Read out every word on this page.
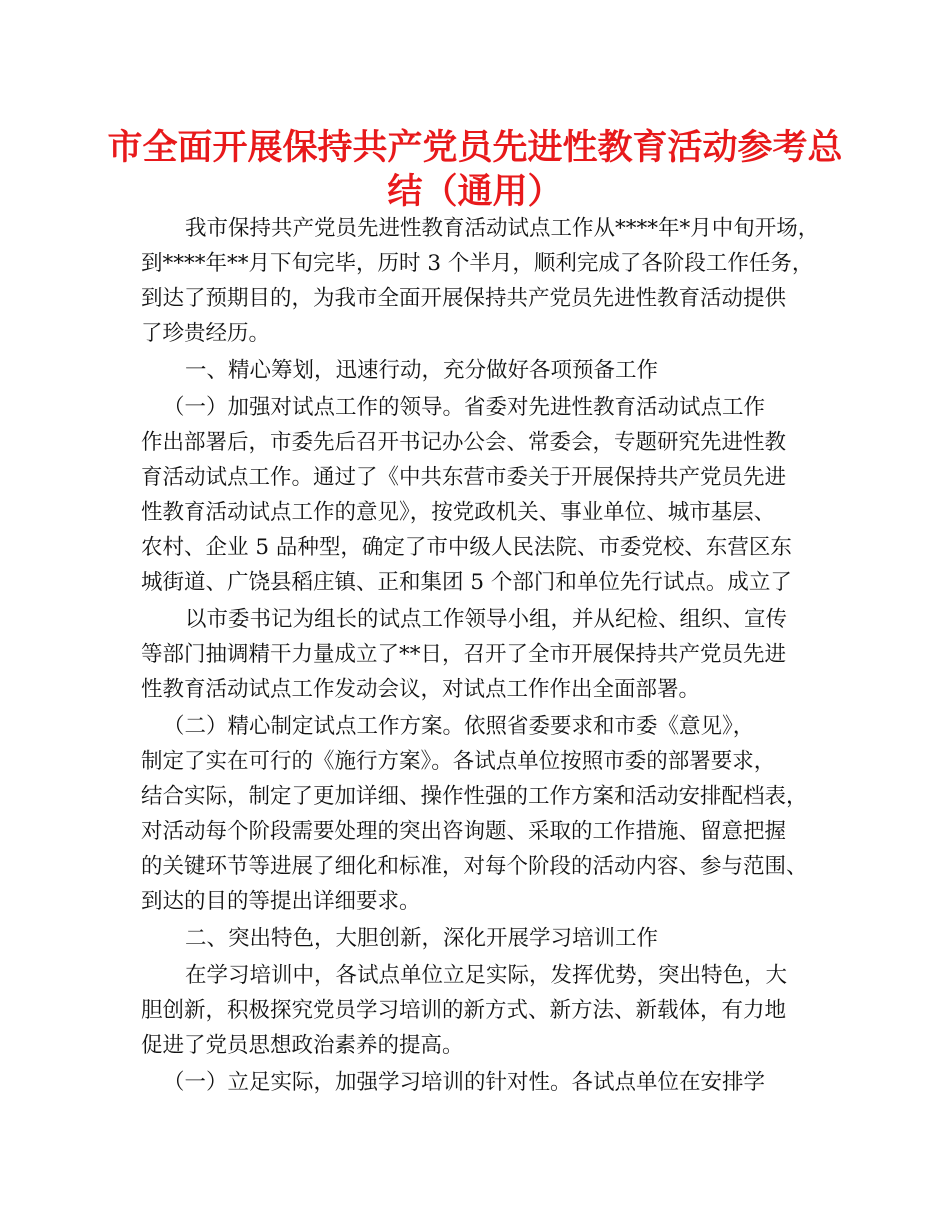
市全面开展保持共产党员先进性教育活动参考总
结（通用）

我市保持共产党员先进性教育活动试点工作从****年*月中旬开场，

到****年**月下旬完毕，历时 3 个半月，顺利完成了各阶段工作任务，

到达了预期目的，为我市全面开展保持共产党员先进性教育活动提供

了珍贵经历。

一、精心筹划，迅速行动，充分做好各项预备工作

（一）加强对试点工作的领导。省委对先进性教育活动试点工作

作出部署后，市委先后召开书记办公会、常委会，专题研究先进性教

育活动试点工作。通过了《中共东营市委关于开展保持共产党员先进

性教育活动试点工作的意见》，按党政机关、事业单位、城市基层、

农村、企业 5 品种型，确定了市中级人民法院、市委党校、东营区东

城街道、广饶县稻庄镇、正和集团 5 个部门和单位先行试点。成立了

以市委书记为组长的试点工作领导小组，并从纪检、组织、宣传

等部门抽调精干力量成立了**日，召开了全市开展保持共产党员先进

性教育活动试点工作发动会议，对试点工作作出全面部署。

（二）精心制定试点工作方案。依照省委要求和市委《意见》，

制定了实在可行的《施行方案》。各试点单位按照市委的部署要求，

结合实际，制定了更加详细、操作性强的工作方案和活动安排配档表，

对活动每个阶段需要处理的突出咨询题、采取的工作措施、留意把握

的关键环节等进展了细化和标准，对每个阶段的活动内容、参与范围、

到达的目的等提出详细要求。

二、突出特色，大胆创新，深化开展学习培训工作

在学习培训中，各试点单位立足实际，发挥优势，突出特色，大

胆创新，积极探究党员学习培训的新方式、新方法、新载体，有力地

促进了党员思想政治素养的提高。

（一）立足实际，加强学习培训的针对性。各试点单位在安排学
